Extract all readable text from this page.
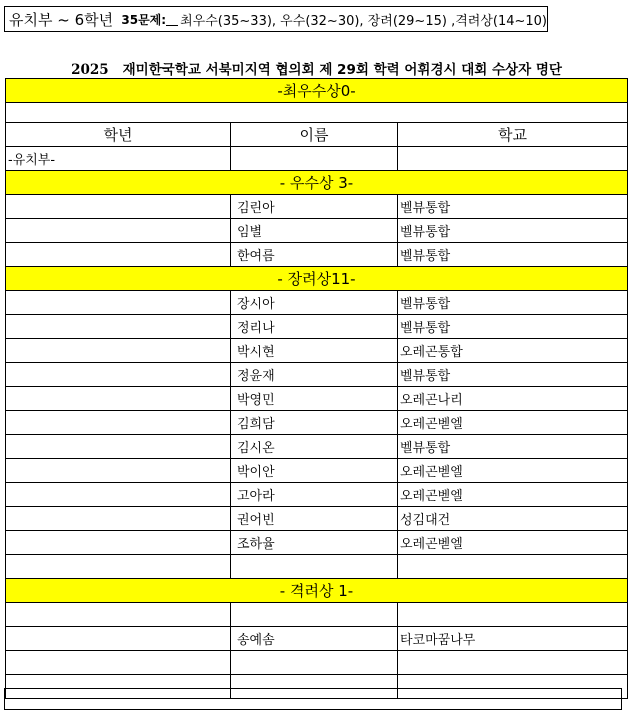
유치부 ~ 6학년
35문제: 최우수(35~33), 우수 (32~30), 장려(29~15) ,격려상(14~10)
2025 재미한국학교 서북미지역 협의회 제 29회 학력 어휘경시 대회 수상자 명단
-최우수상0-		

학년	이름	학교
-유치부-		
- 우수상 3-		
	김린아	벨뷰통합
	임별	벨뷰통합
	한여름	벨뷰통합
- 장려상11-		
	장시아	벨뷰통합
	정리나	벨뷰통합
	박시현	오레곤통합
	정윤재	벨뷰통합
	박영민	오레곤나리
	김희담	오레곤벧엘
	김시온	벨뷰통합
	박이안	오레곤벧엘
	고아라	오레곤벧엘
	권어빈	성김대건
	조하율	오레곤벧엘

- 격려상 1-		

	송예솜	타코마꿈나무
